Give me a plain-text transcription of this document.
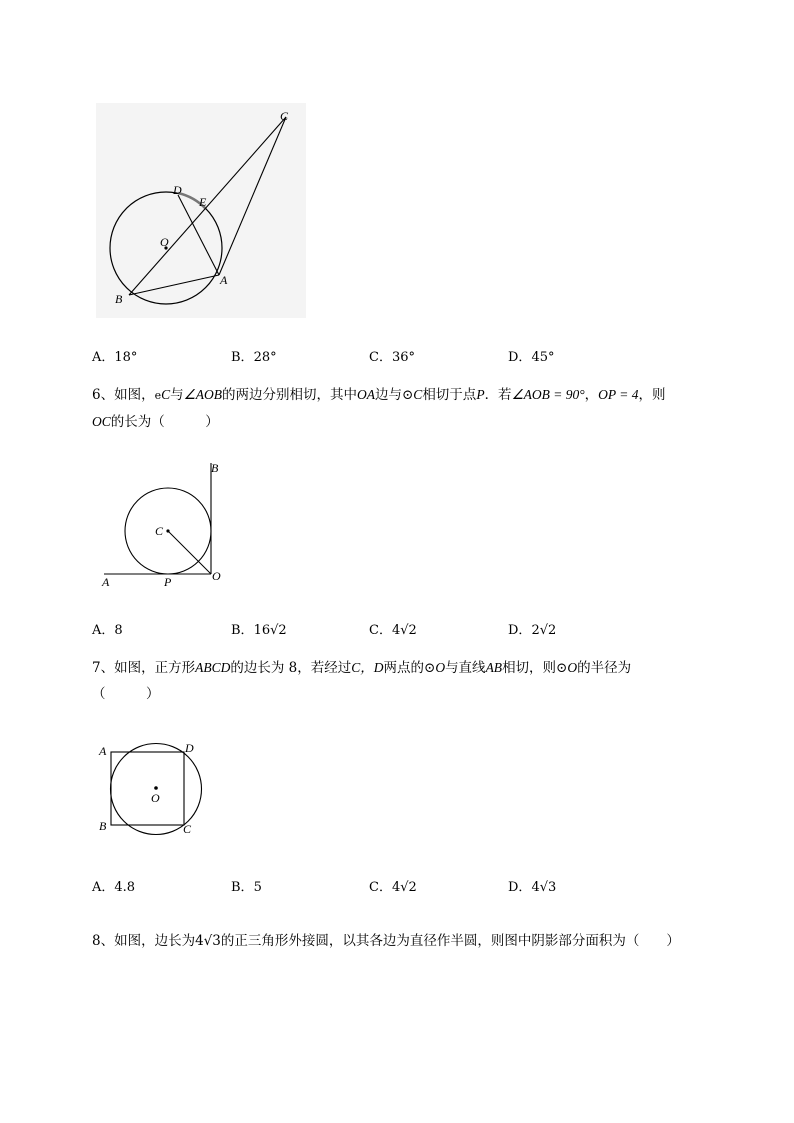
C
D
E
O
A
B
A．18°	B．28°	C．36°	D．45°
6、如图，eC与∠AOB的两边分别相切，其中OA边与⊙C相切于点P．若∠AOB = 90°，OP = 4，则
OC的长为（　　　）
B
C
A	P	O
A．8	B．16√2	C．4√2	D．2√2
7、如图，正方形ABCD的边长为 8，若经过C，D两点的⊙O与直线AB相切，则⊙O的半径为
（　　　）
A	D
O
B	C
A．4.8	B．5	C．4√2	D．4√3
8、如图，边长为4√3的正三角形外接圆，以其各边为直径作半圆，则图中阴影部分面积为（　　）
